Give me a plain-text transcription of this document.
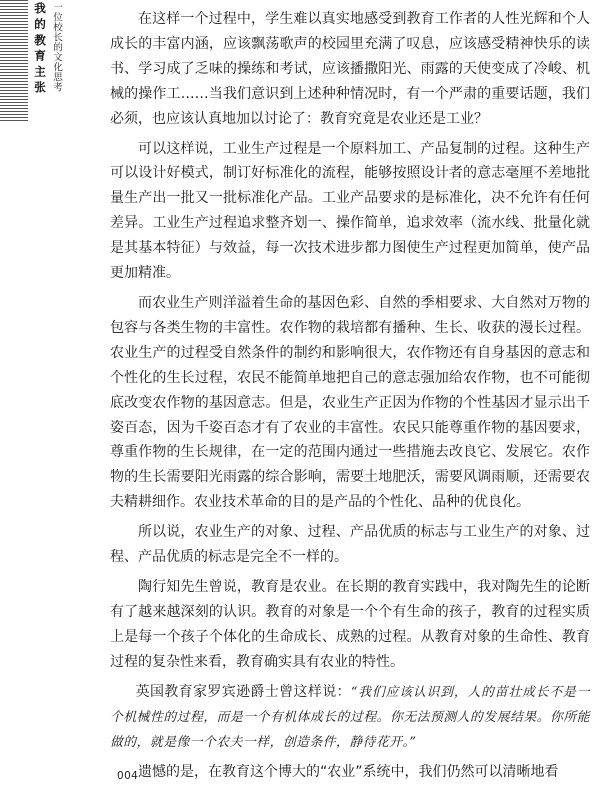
一位校长的文化思考
我的教育主张	在这样一个过程中，学生难以真实地感受到教育工作者的人性光辉和个人成长的丰富内涵，应该飘荡歌声的校园里充满了叹息，应该感受精神快乐的读书、学习成了乏味的操练和考试，应该播撒阳光、雨露的天使变成了冷峻、机械的操作工……当我们意识到上述种种情况时，有一个严肃的重要话题，我们必须，也应该认真地加以讨论了：教育究竟是农业还是工业？

可以这样说，工业生产过程是一个原料加工、产品复制的过程。这种生产可以设计好模式，制订好标准化的流程，能够按照设计者的意志毫厘不差地批量生产出一批又一批标准化产品。工业产品要求的是标准化，决不允许有任何差异。工业生产过程追求整齐划一、操作简单，追求效率（流水线、批量化就是其基本特征）与效益，每一次技术进步都力图使生产过程更加简单，使产品更加精准。

而农业生产则洋溢着生命的基因色彩、自然的季相要求、大自然对万物的包容与各类生物的丰富性。农作物的栽培都有播种、生长、收获的漫长过程。农业生产的过程受自然条件的制约和影响很大，农作物还有自身基因的意志和个性化的生长过程，农民不能简单地把自己的意志强加给农作物，也不可能彻底改变农作物的基因意志。但是，农业生产正因为作物的个性基因才显示出千姿百态，因为千姿百态才有了农业的丰富性。农民只能尊重作物的基因要求，尊重作物的生长规律，在一定的范围内通过一些措施去改良它、发展它。农作物的生长需要阳光雨露的综合影响，需要土地肥沃，需要风调雨顺，还需要农夫精耕细作。农业技术革命的目的是产品的个性化、品种的优良化。

所以说，农业生产的对象、过程、产品优质的标志与工业生产的对象、过程、产品优质的标志是完全不一样的。

陶行知先生曾说，教育是农业。在长期的教育实践中，我对陶先生的论断有了越来越深刻的认识。教育的对象是一个个有生命的孩子，教育的过程实质上是每一个孩子个体化的生命成长、成熟的过程。从教育对象的生命性、教育过程的复杂性来看，教育确实具有农业的特性。

英国教育家罗宾逊爵士曾这样说：“我们应该认识到，人的苗壮成长不是一个机械性的过程，而是一个有机体成长的过程。你无法预测人的发展结果。你所能做的，就是像一个农夫一样，创造条件，静待花开。”

遗憾的是，在教育这个博大的“农业”系统中，我们仍然可以清晰地看

004
